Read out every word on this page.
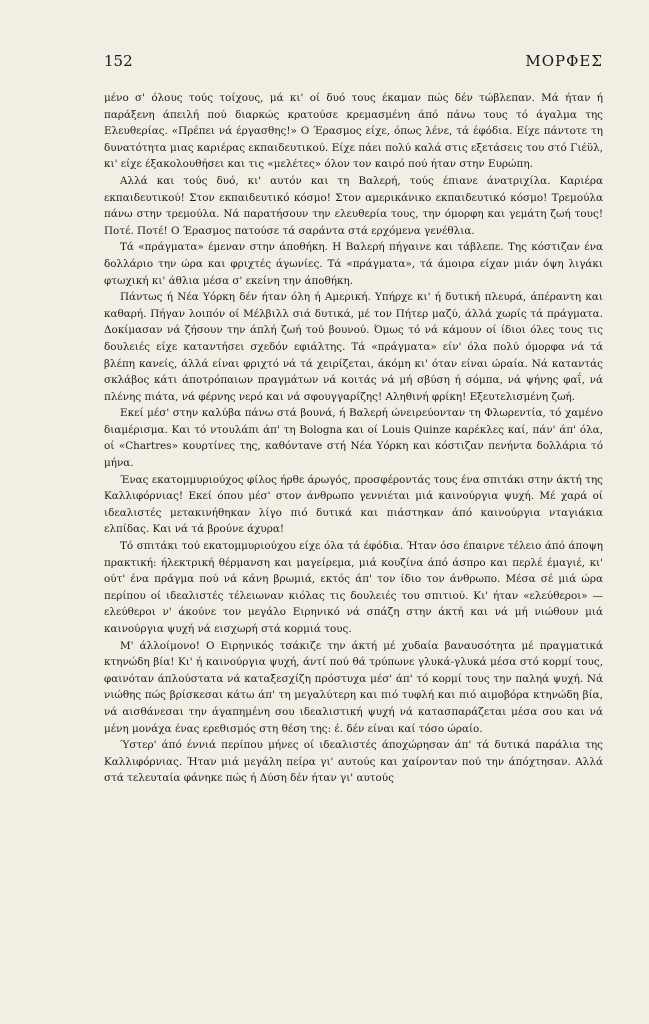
152	ΜΟΡΦΕΣ

μένο σ' όλους τούς τοίχους, μά κι' οί δυό τους έκαμαν πώς δέν τώβλεπαν. Μά ήταν ή παράξενη άπειλή πού διαρκώς κρατούσε κρεμασμένη άπό πάνω τους τό άγαλμα της Ελευθερίας. «Πρέπει νά έργασθης!» Ο Έρασμος είχε, όπως λένε, τά έφόδια. Είχε πάντοτε τη δυνατότητα μιας καριέρας εκπαιδευτικού. Είχε πάει πολύ καλά στις εξετάσεις του στό Γιέϋλ, κι' είχε έξακολουθήσει και τις «μελέτες» όλον τον καιρό πού ήταν στην Ευρώπη.

Αλλά και τούς δυό, κι' αυτόν και τη Βαλερή, τούς έπιανε άνατριχίλα. Καριέρα εκπαιδευτικού! Στον εκπαιδευτικό κόσμο! Στον αμερικάνικο εκπαιδευτικό κόσμο! Τρεμούλα πάνω στην τρεμούλα. Νά παρατήσουν την ελευθερία τους, την όμορφη και γεμάτη ζωή τους! Ποτέ. Ποτέ! Ο Έρασμος πατούσε τά σαράντα στά ερχόμενα γενέθλια.

Τά «πράγματα» έμεναν στην άποθήκη. Η Βαλερή πήγαινε και τάβλεπε. Της κόστιζαν ένα δολλάριο την ώρα και φριχτές άγωνίες. Τά «πράγματα», τά άμοιρα είχαν μιάν όψη λιγάκι φτωχική κι' άθλια μέσα σ' εκείνη την άποθήκη.

Πάντως ή Νέα Υόρκη δέν ήταν όλη ή Αμερική. Υπήρχε κι' ή δυτική πλευρά, άπέραντη και καθαρή. Πήγαν λοιπόν οί Μέλβιλλ σιά δυτικά, μέ τον Πήτερ μαζύ, άλλά χωρίς τά πράγματα. Δοκίμασαν νά ζήσουν την άπλή ζωή τού βουνού. Όμως τό νά κάμουν οί ίδιοι όλες τους τις δουλειές είχε καταντήσει σχεδόν εφιάλτης. Τά «πράγματα» είν' όλα πολύ όμορφα νά τά βλέπη κανείς, άλλά είναι φριχτό νά τά χειρίζεται, άκόμη κι' όταν είναι ώραία. Νά καταντάς σκλάβος κάτι άποτρόπαιων πραγμάτων νά κοιτάς νά μή σβύση ή σόμπα, νά ψήνης φαΐ, νά πλένης πιάτα, νά φέρνης νερό και νά σφουγγαρίζης! Αληθινή φρίκη! Εξευτελισμένη ζωή.

Εκεί μέσ' στην καλύβα πάνω στά βουνά, ή Βαλερή ώνειρεύονταν τη Φλωρεντία, τό χαμένο διαμέρισμα. Και τό ντουλάπι άπ' τη Bologna και οί Louis Quinze καρέκλες καί, πάν' άπ' όλα, οί «Chartres» κουρτίνες της, καθόνταve στή Νέα Υόρκη και κόστιζαν πενήντα δολλάρια τό μήνα.

Ένας εκατομμυριούχος φίλος ήρθε άρωγός, προσφέροντάς τους ένα σπιτάκι στην άκτή της Καλλιφόρνιας! Εκεί όπου μέσ' στον άνθρωπο γεννιέται μιά καινούργια ψυχή. Μέ χαρά οί ιδεαλιστές μετακινήθηκαν λίγο πιό δυτικά και πιάστηκαν άπό καινούργια νταγιάκια ελπίδας. Και νά τά βρούνε άχυρα!

Τό σπιτάκι τού εκατομμυριούχου είχε όλα τά έφόδια. Ήταν όσο έπαιρνε τέλειο άπό άποψη πρακτική: ήλεκτρική θέρμανση και μαγείρεμα, μιά κουζίνα άπό άσπρο και περλέ έμαγιέ, κι' ούτ' ένα πράγμα πού νά κάνη βρωμιά, εκτός άπ' τον ίδιο τον άνθρωπο. Μέσα σέ μιά ώρα περίπου οί ιδεαλιστές τέλειωναν κιόλας τις δουλειές του σπιτιού. Κι' ήταν «ελεύθεροι» — ελεύθεροι ν' άκούνε τον μεγάλο Ειρηνικό νά σπάζη στην άκτή και νά μή νιώθουν μιά καινούργια ψυχή νά εισχωρή στά κορμιά τους.

Μ' άλλοίμονο! Ο Ειρηνικός τσάκιζε την άκτή μέ χυδαία βαναυσότητα μέ πραγματικά κτηνώδη βία! Κι' ή καινούργια ψυχή, άντί πού θά τρύπωνε γλυκά-γλυκά μέσα στό κορμί τους, φαινόταν άπλούστατα νά καταξεσχίζη πρόστυχα μέσ' άπ' τό κορμί τους την παληά ψυχή. Νά νιώθης πώς βρίσκεσαι κάτω άπ' τη μεγαλύτερη και πιό τυφλή και πιό αιμοβόρα κτηνώδη βία, νά αισθάνεσαι την άγαπημένη σου ιδεαλιστική ψυχή νά κατασπαράζεται μέσα σου και νά μένη μονάχα ένας ερεθισμός στη θέση της: έ. δέν είναι καί τόσο ώραίο.

Ύστερ' άπό έννιά περίπου μήνες οί ιδεαλιστές άποχώρησαν άπ' τά δυτικά παράλια της Καλλιφόρνιας. Ήταν μιά μεγάλη πείρα γι' αυτούς και χαίρονταν πού την άπόχτησαν. Αλλά στά τελευταία φάνηκε πώς ή Δύση δέν ήταν γι' αυτούς
